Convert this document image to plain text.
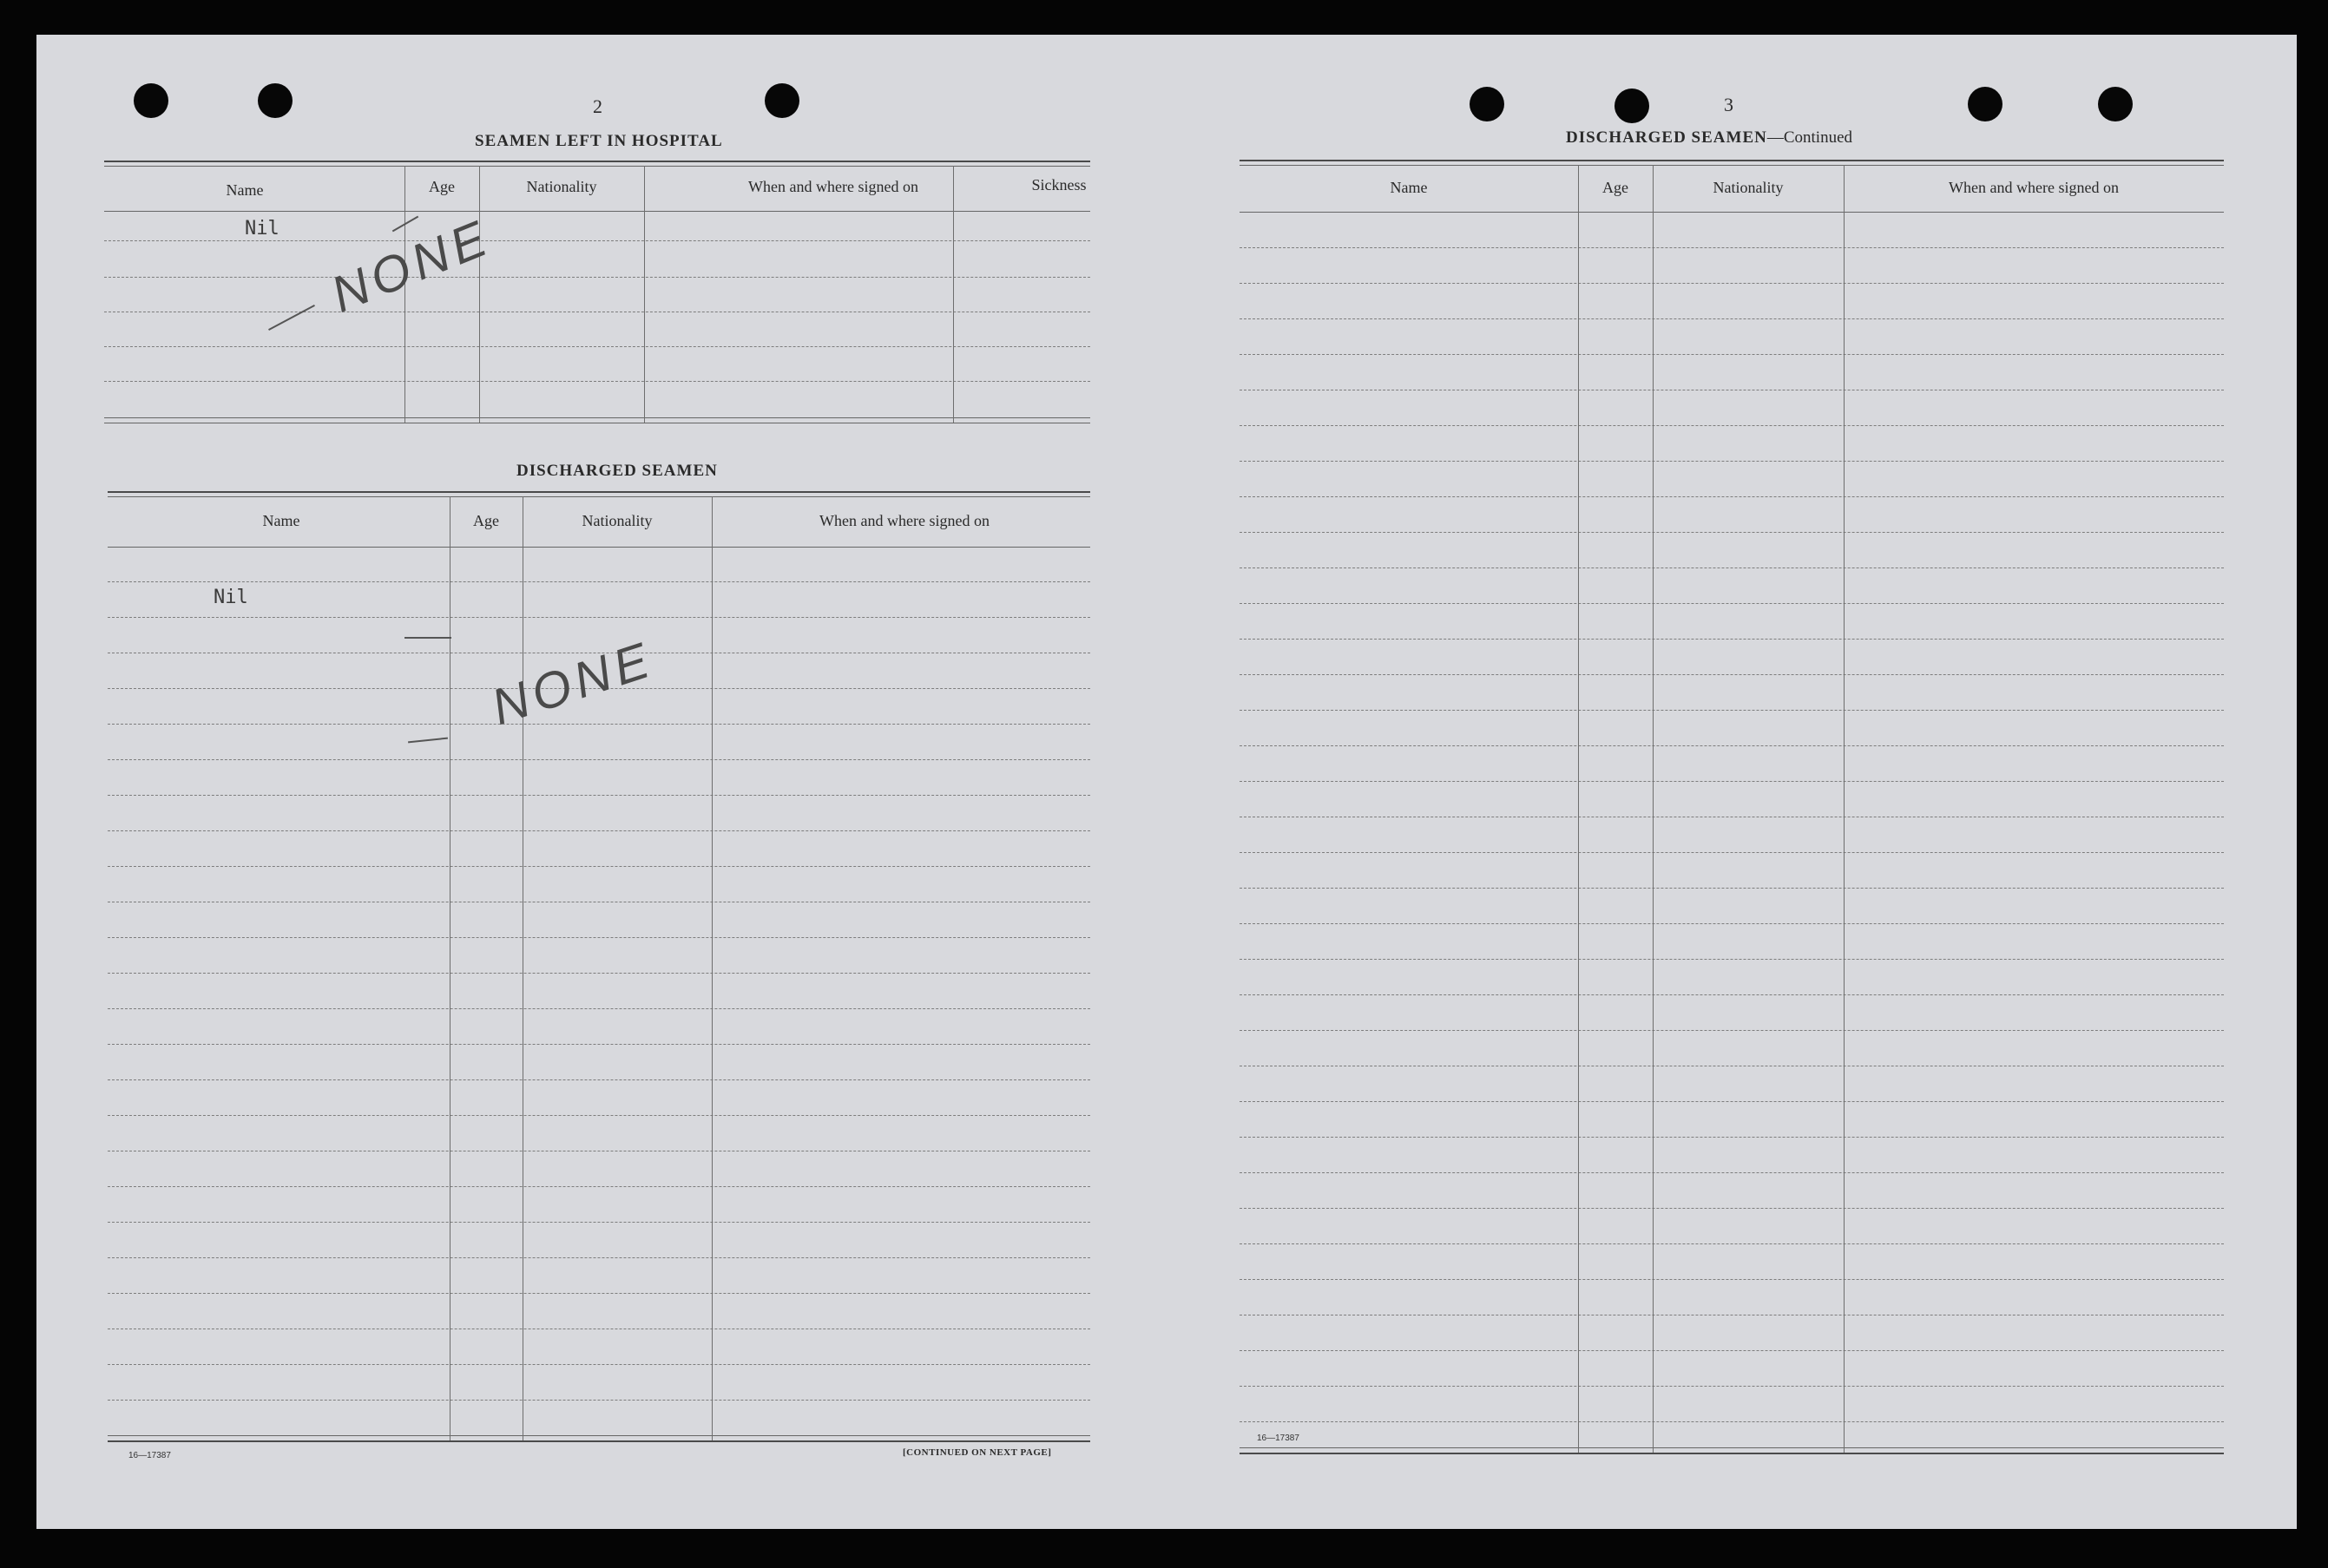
2
SEAMEN LEFT IN HOSPITAL
Name	Age	Nationality	When and where signed on	Sickness
Nil NONE
DISCHARGED SEAMEN
Name	Age	Nationality	When and where signed on
Nil
NONE
16—17387	[CONTINUED ON NEXT PAGE]
3
DISCHARGED SEAMEN—Continued
Name	Age	Nationality	When and where signed on
16—17387
